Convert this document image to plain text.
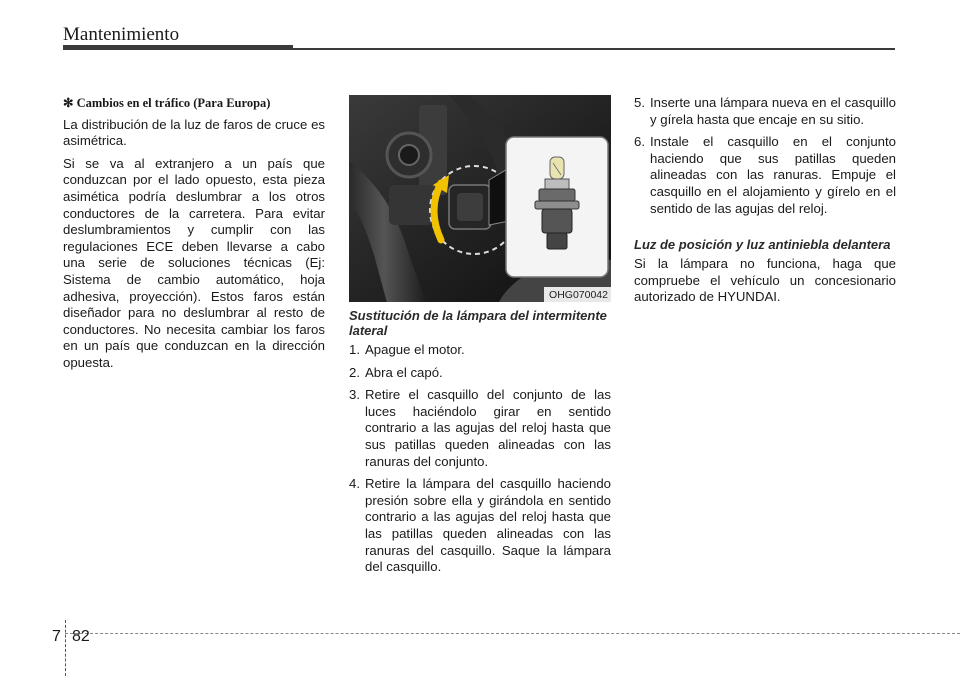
Mantenimiento
✻ Cambios en el tráfico (Para Europa)

La distribución de la luz de faros de cruce es asimétrica.

Si se va al extranjero a un país que conduzcan por el lado opuesto, esta pieza asimética podría deslumbrar a los otros conductores de la carretera. Para evitar deslumbramientos y cumplir con las regulaciones ECE deben llevarse a cabo una serie de soluciones técnicas (Ej: Sistema de cambio automático, hoja adhesiva, proyección). Estos faros están diseñador para no deslumbrar al resto de conductores. No necesita cambiar los faros en un país que conduzcan en la dirección opuesta.

OHG070042
Sustitución de la lámpara del intermitente lateral
1. Apague el motor.
2. Abra el capó.
3. Retire el casquillo del conjunto de las luces haciéndolo girar en sentido contrario a las agujas del reloj hasta que sus patillas queden alineadas con las ranuras del conjunto.
4. Retire la lámpara del casquillo haciendo presión sobre ella y girándola en sentido contrario a las agujas del reloj hasta que las patillas queden alineadas con las ranuras del casquillo. Saque la lámpara del casquillo.
5. Inserte una lámpara nueva en el casquillo y gírela hasta que encaje en su sitio.
6. Instale el casquillo en el conjunto haciendo que sus patillas queden alineadas con las ranuras. Empuje el casquillo en el alojamiento y gírelo en el sentido de las agujas del reloj.
Luz de posición y luz antiniebla delantera

Si la lámpara no funciona, haga que compruebe el vehículo un concesionario autorizado de HYUNDAI.

7 82
